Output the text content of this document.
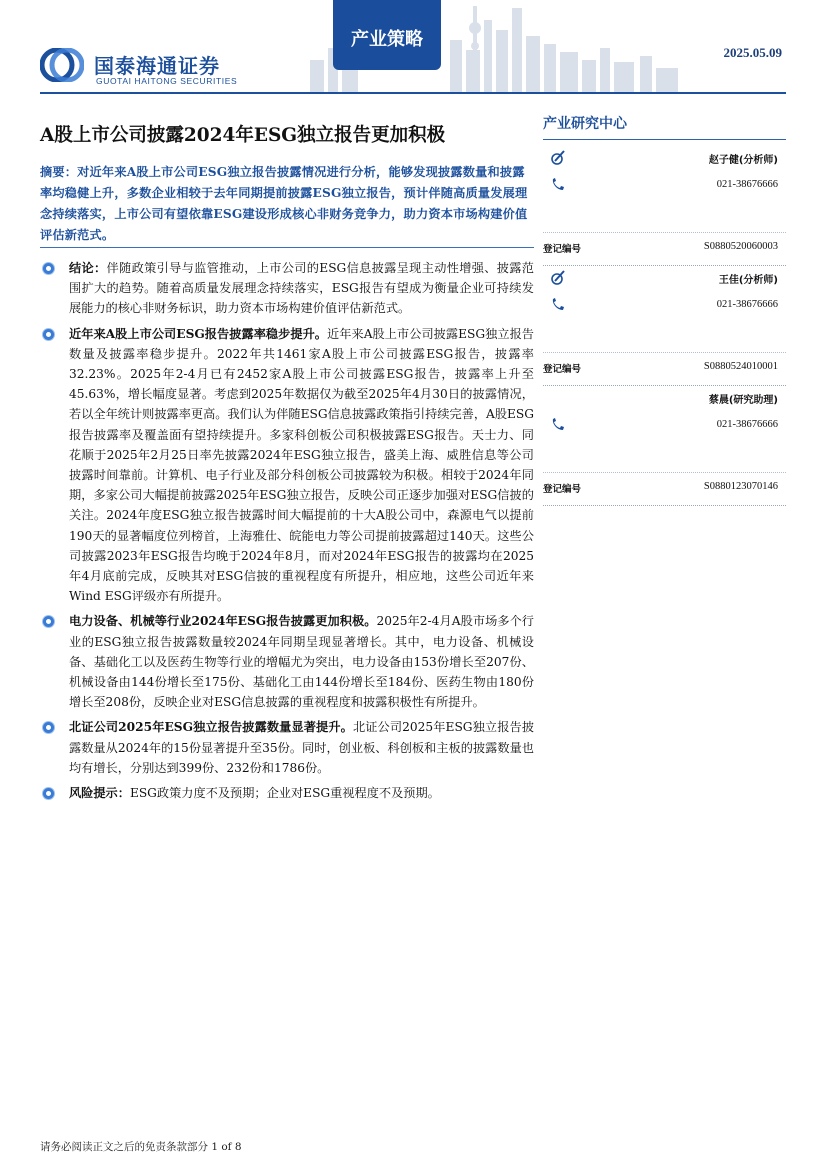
国泰海通证券
GUOTAI HAITONG SECURITIES
产业策略
2025.05.09
A股上市公司披露2024年ESG独立报告更加积极

摘要：对近年来A股上市公司ESG独立报告披露情况进行分析，能够发现披露数量和披露率均稳健上升，多数企业相较于去年同期提前披露ESG独立报告，预计伴随高质量发展理念持续落实，上市公司有望依靠ESG建设形成核心非财务竞争力，助力资本市场构建价值评估新范式。

结论：伴随政策引导与监管推动，上市公司的ESG信息披露呈现主动性增强、披露范围扩大的趋势。随着高质量发展理念持续落实，ESG报告有望成为衡量企业可持续发展能力的核心非财务标识，助力资本市场构建价值评估新范式。
近年来A股上市公司ESG报告披露率稳步提升。近年来A股上市公司披露ESG独立报告数量及披露率稳步提升。2022年共1461家A股上市公司披露ESG报告，披露率32.23%。2025年2-4月已有2452家A股上市公司披露ESG报告，披露率上升至45.63%，增长幅度显著。考虑到2025年数据仅为截至2025年4月30日的披露情况，若以全年统计则披露率更高。我们认为伴随ESG信息披露政策指引持续完善，A股ESG报告披露率及覆盖面有望持续提升。多家科创板公司积极披露ESG报告。天士力、同花顺于2025年2月25日率先披露2024年ESG独立报告，盛美上海、威胜信息等公司披露时间靠前。计算机、电子行业及部分科创板公司披露较为积极。相较于2024年同期，多家公司大幅提前披露2025年ESG独立报告，反映公司正逐步加强对ESG信披的关注。2024年度ESG独立报告披露时间大幅提前的十大A股公司中，森源电气以提前190天的显著幅度位列榜首，上海雅仕、皖能电力等公司提前披露超过140天。这些公司披露2023年ESG报告均晚于2024年8月，而对2024年ESG报告的披露均在2025年4月底前完成，反映其对ESG信披的重视程度有所提升，相应地，这些公司近年来Wind ESG评级亦有所提升。
电力设备、机械等行业2024年ESG报告披露更加积极。2025年2-4月A股市场多个行业的ESG独立报告披露数量较2024年同期呈现显著增长。其中，电力设备、机械设备、基础化工以及医药生物等行业的增幅尤为突出，电力设备由153份增长至207份、机械设备由144份增长至175份、基础化工由144份增长至184份、医药生物由180份增长至208份，反映企业对ESG信息披露的重视程度和披露积极性有所提升。
北证公司2025年ESG独立报告披露数量显著提升。北证公司2025年ESG独立报告披露数量从2024年的15份显著提升至35份。同时，创业板、科创板和主板的披露数量也均有增长，分别达到399份、232份和1786份。
风险提示：ESG政策力度不及预期；企业对ESG重视程度不及预期。
产业研究中心
赵子健(分析师)
021-38676666
登记编号	S0880520060003
王佳(分析师)
021-38676666
登记编号	S0880524010001
蔡晨(研究助理)
021-38676666
登记编号	S0880123070146
请务必阅读正文之后的免责条款部分 1 of 8
